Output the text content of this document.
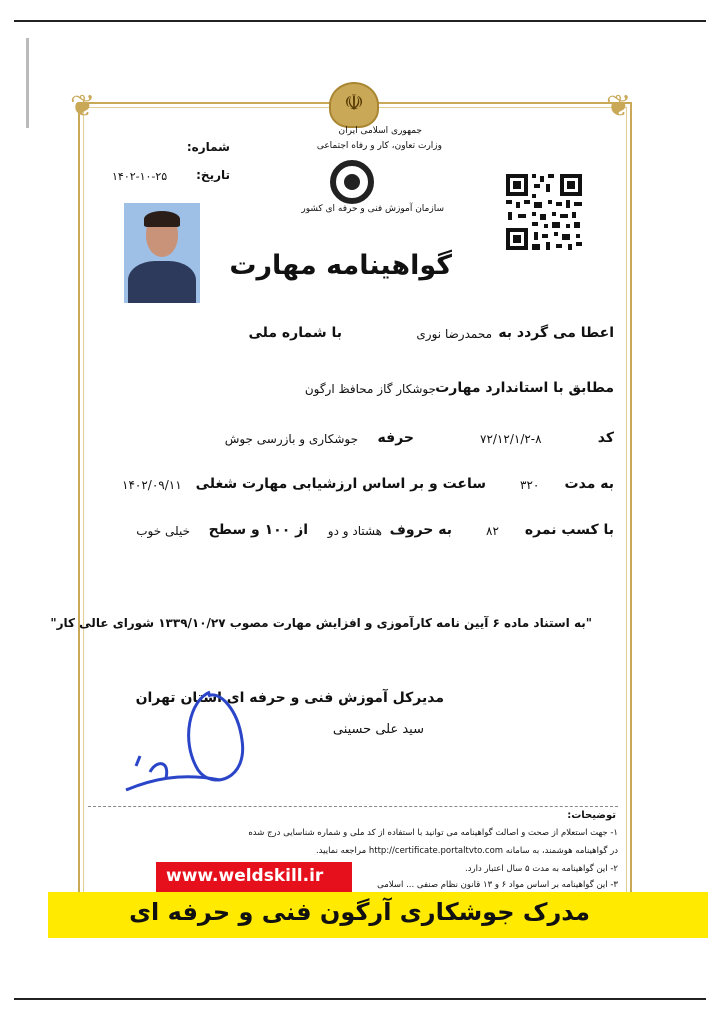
❦	❦
☫
جمهوری اسلامی ایران
وزارت تعاون، کار و رفاه اجتماعی
سازمان آموزش فنی و حرفه ای کشور
شماره:
تاریخ:
۱۴۰۲-۱۰-۲۵
گواهینامه مهارت
اعطا می گردد به
محمدرضا نوری
با شماره ملی
مطابق با استاندارد مهارت
جوشکار گاز محافظ ارگون
کد
۷۲/۱۲/۱/۲-۸
حرفه
جوشکاری و بازرسی جوش
به مدت
۳۲۰
ساعت و بر اساس ارزشیابی مهارت شغلی
۱۴۰۲/۰۹/۱۱
با کسب نمره
۸۲
به حروف
هشتاد و دو
از ۱۰۰ و سطح
خیلی خوب
"به استناد ماده ۶ آیین نامه کارآموزی و افزایش مهارت مصوب ۱۳۳۹/۱۰/۲۷ شورای عالی کار"
مدیرکل آموزش فنی و حرفه ای استان تهران
سید علی حسینی
توضیحات:
۱- جهت استعلام از صحت و اصالت گواهینامه می توانید با استفاده از کد ملی و شماره شناسایی درج شده
در گواهینامه هوشمند، به سامانه http://certificate.portaltvto.com مراجعه نمایید.
۲- این گواهینامه به مدت ۵ سال اعتبار دارد.
۳- این گواهینامه بر اساس مواد ۶ و ۱۳ قانون نظام صنفی ... اسلامی
www.weldskill.ir
مدرک جوشکاری آرگون فنی و حرفه ای
